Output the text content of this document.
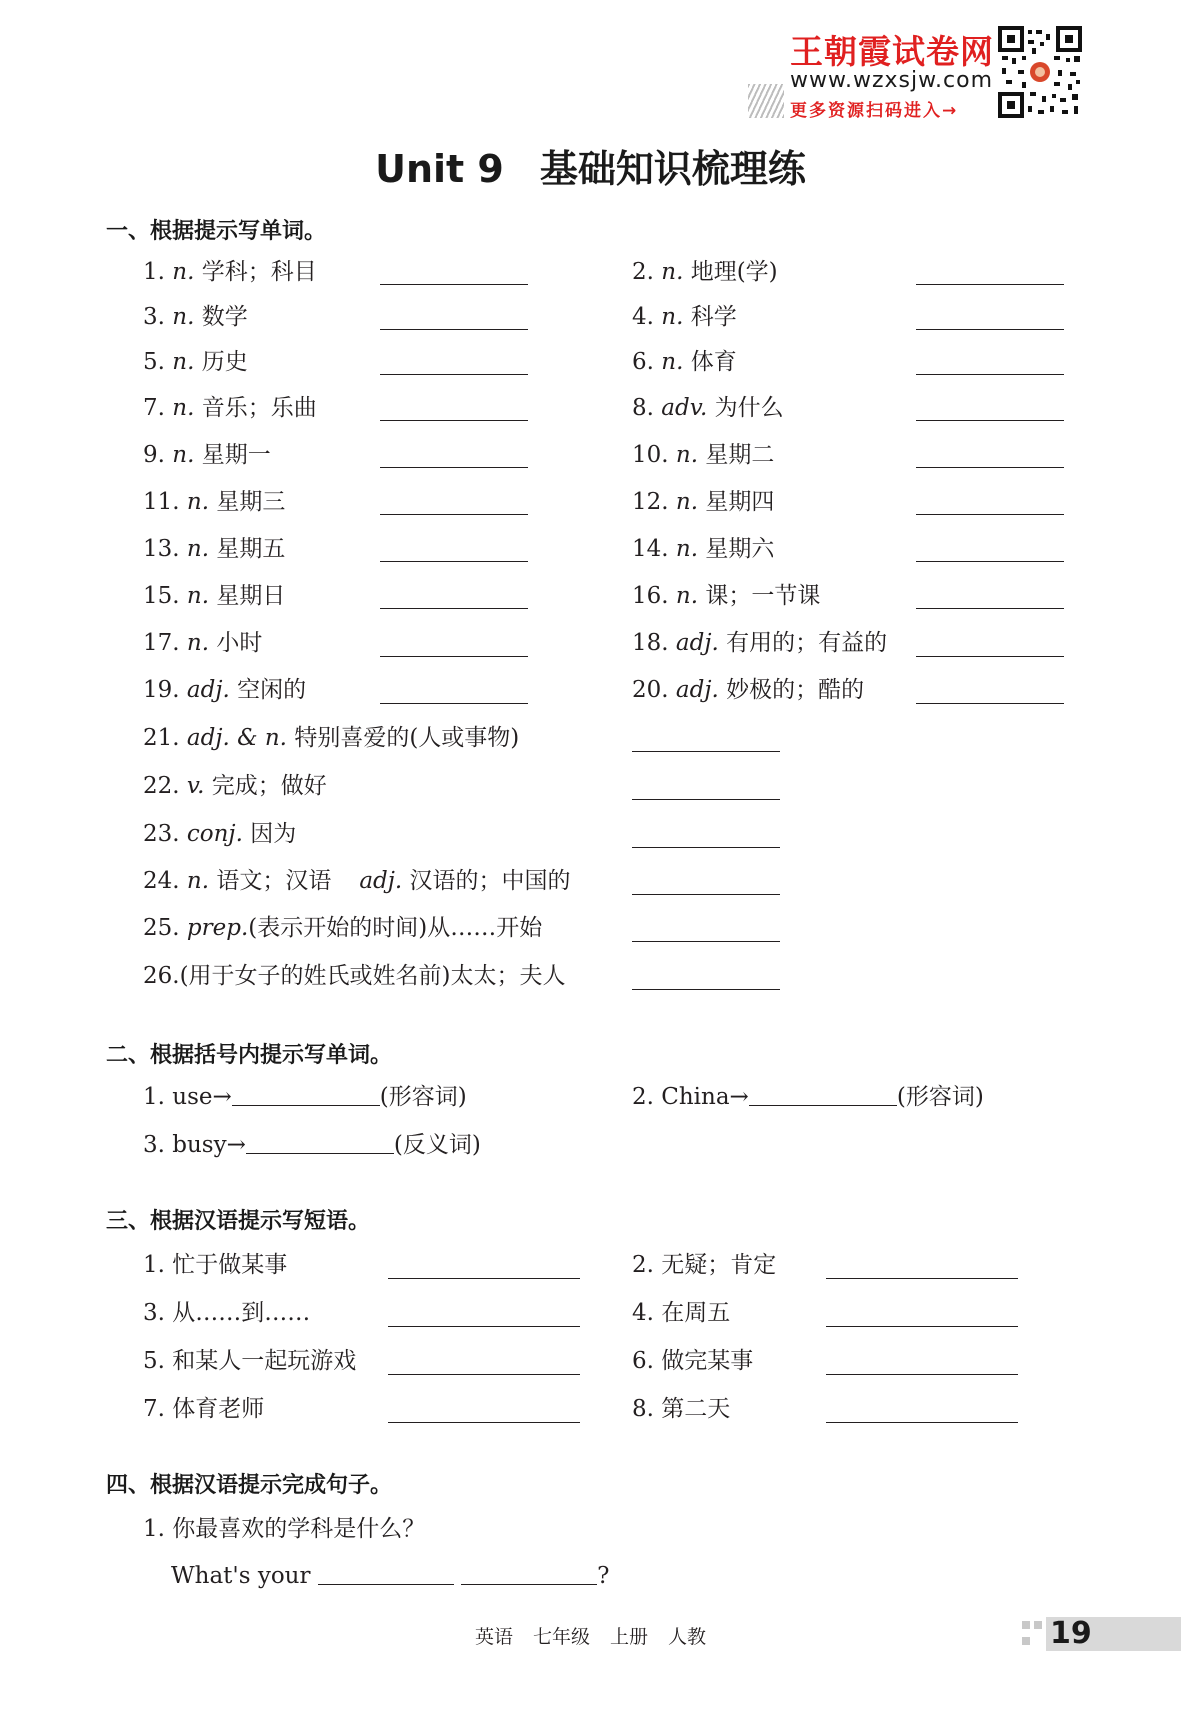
王朝霞试卷网
www.wzxsjw.com
更多资源扫码进入→
Unit 9 基础知识梳理练
一、根据提示写单词。
1. n. 学科；科目	2. n. 地理(学)
3. n. 数学	4. n. 科学
5. n. 历史	6. n. 体育
7. n. 音乐；乐曲	8. adv. 为什么
9. n. 星期一	10. n. 星期二
11. n. 星期三	12. n. 星期四
13. n. 星期五	14. n. 星期六
15. n. 星期日	16. n. 课；一节课
17. n. 小时	18. adj. 有用的；有益的
19. adj. 空闲的	20. adj. 妙极的；酷的
21. adj. & n. 特别喜爱的(人或事物)
22. v. 完成；做好
23. conj. 因为
24. n. 语文；汉语 adj. 汉语的；中国的
25. prep.(表示开始的时间)从……开始
26.(用于女子的姓氏或姓名前)太太；夫人
二、根据括号内提示写单词。
1. use→	(形容词)	2. China→	(形容词)
3. busy→	(反义词)
三、根据汉语提示写短语。
1. 忙于做某事	2. 无疑；肯定
3. 从……到……	4. 在周五
5. 和某人一起玩游戏	6. 做完某事
7. 体育老师	8. 第二天
四、根据汉语提示完成句子。
1. 你最喜欢的学科是什么？
What's your	?
英语 七年级 上册 人教	19
